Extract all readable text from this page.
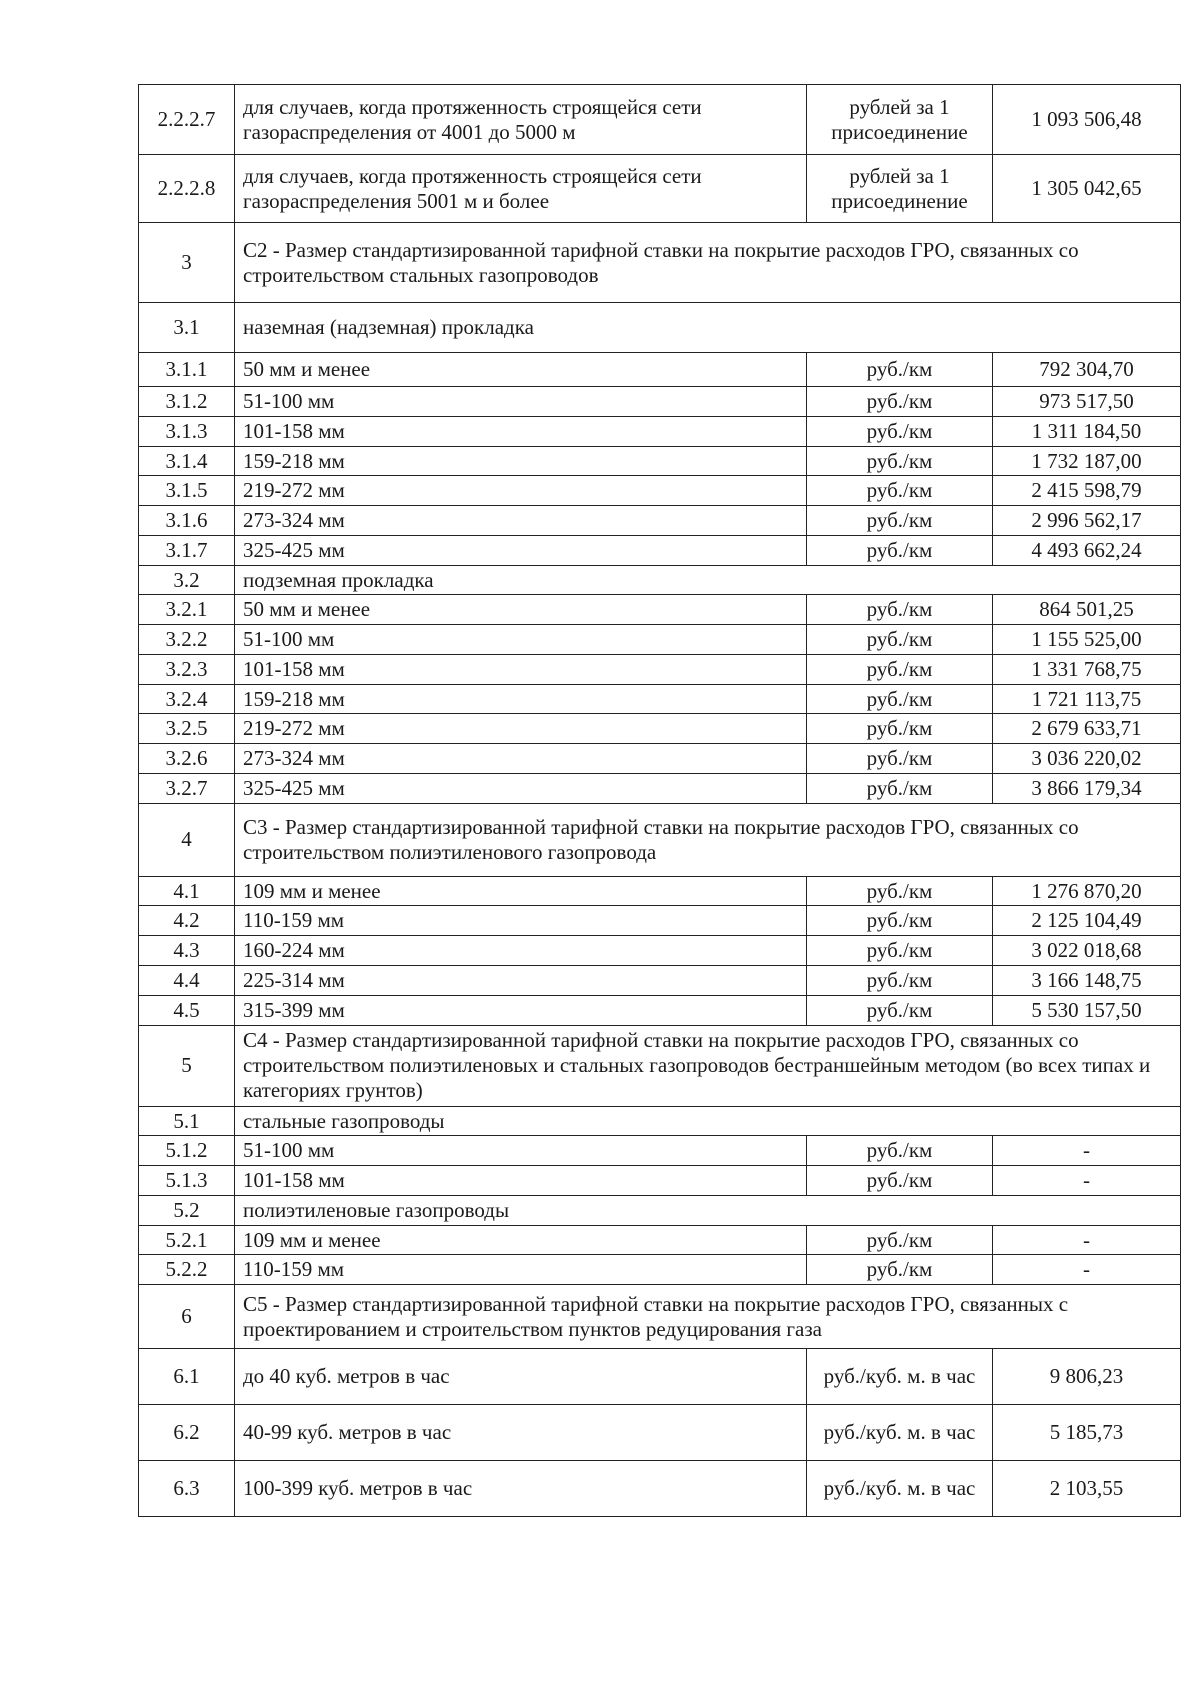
2.2.2.7	для случаев, когда протяженность строящейся сети газораспределения от 4001 до 5000 м	рублей за 1 присоединение	1 093 506,48
2.2.2.8	для случаев, когда протяженность строящейся сети газораспределения 5001 м и более	рублей за 1 присоединение	1 305 042,65
3	С2 - Размер стандартизированной тарифной ставки на покрытие расходов ГРО, связанных со строительством стальных газопроводов		
3.1	наземная (надземная) прокладка		
3.1.1	50 мм и менее	руб./км	792 304,70
3.1.2	51-100 мм	руб./км	973 517,50
3.1.3	101-158 мм	руб./км	1 311 184,50
3.1.4	159-218 мм	руб./км	1 732 187,00
3.1.5	219-272 мм	руб./км	2 415 598,79
3.1.6	273-324 мм	руб./км	2 996 562,17
3.1.7	325-425 мм	руб./км	4 493 662,24
3.2	подземная прокладка		
3.2.1	50 мм и менее	руб./км	864 501,25
3.2.2	51-100 мм	руб./км	1 155 525,00
3.2.3	101-158 мм	руб./км	1 331 768,75
3.2.4	159-218 мм	руб./км	1 721 113,75
3.2.5	219-272 мм	руб./км	2 679 633,71
3.2.6	273-324 мм	руб./км	3 036 220,02
3.2.7	325-425 мм	руб./км	3 866 179,34
4	С3 - Размер стандартизированной тарифной ставки на покрытие расходов ГРО, связанных со строительством полиэтиленового газопровода		
4.1	109 мм и менее	руб./км	1 276 870,20
4.2	110-159 мм	руб./км	2 125 104,49
4.3	160-224 мм	руб./км	3 022 018,68
4.4	225-314 мм	руб./км	3 166 148,75
4.5	315-399 мм	руб./км	5 530 157,50
5	С4 - Размер стандартизированной тарифной ставки на покрытие расходов ГРО, связанных со строительством полиэтиленовых и стальных газопроводов бестраншейным методом (во всех типах и категориях грунтов)		
5.1	стальные газопроводы		
5.1.2	51-100 мм	руб./км	-
5.1.3	101-158 мм	руб./км	-
5.2	полиэтиленовые газопроводы		
5.2.1	109 мм и менее	руб./км	-
5.2.2	110-159 мм	руб./км	-
6	С5 - Размер стандартизированной тарифной ставки на покрытие расходов ГРО, связанных с проектированием и строительством пунктов редуцирования газа		
6.1	до 40 куб. метров в час	руб./куб. м. в час	9 806,23
6.2	40-99 куб. метров в час	руб./куб. м. в час	5 185,73
6.3	100-399 куб. метров в час	руб./куб. м. в час	2 103,55
